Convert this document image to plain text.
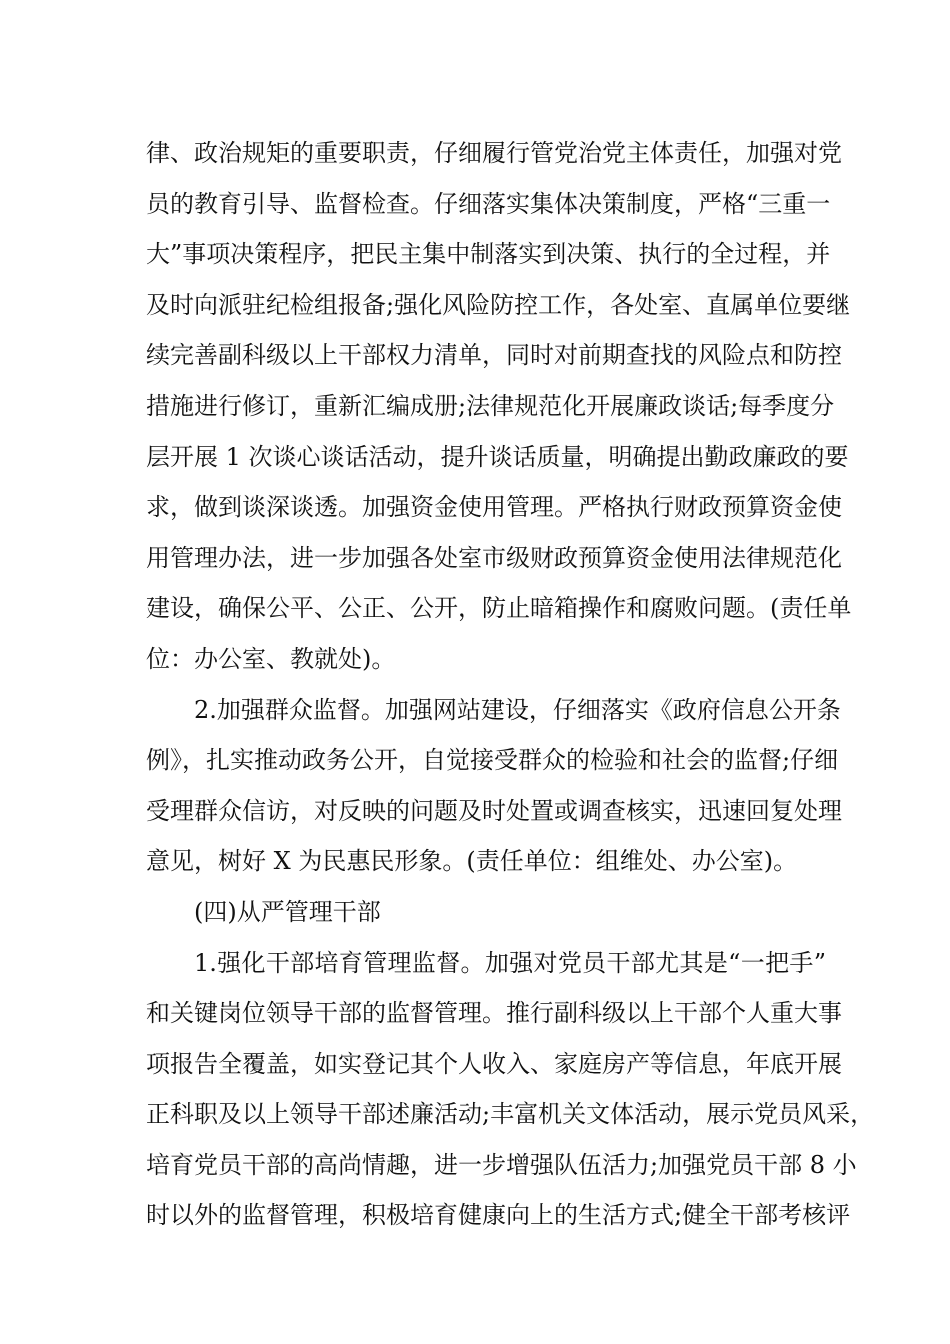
律、政治规矩的重要职责，仔细履行管党治党主体责任，加强对党
员的教育引导、监督检查。仔细落实集体决策制度，严格“三重一
大”事项决策程序，把民主集中制落实到决策、执行的全过程，并
及时向派驻纪检组报备;强化风险防控工作，各处室、直属单位要继
续完善副科级以上干部权力清单，同时对前期查找的风险点和防控
措施进行修订，重新汇编成册;法律规范化开展廉政谈话;每季度分
层开展 1 次谈心谈话活动，提升谈话质量，明确提出勤政廉政的要
求，做到谈深谈透。加强资金使用管理。严格执行财政预算资金使
用管理办法，进一步加强各处室市级财政预算资金使用法律规范化
建设，确保公平、公正、公开，防止暗箱操作和腐败问题。(责任单
位：办公室、教就处)。
2.加强群众监督。加强网站建设，仔细落实《政府信息公开条
例》，扎实推动政务公开，自觉接受群众的检验和社会的监督;仔细
受理群众信访，对反映的问题及时处置或调查核实，迅速回复处理
意见，树好 X 为民惠民形象。(责任单位：组维处、办公室)。
(四)从严管理干部
1.强化干部培育管理监督。加强对党员干部尤其是“一把手”
和关键岗位领导干部的监督管理。推行副科级以上干部个人重大事
项报告全覆盖，如实登记其个人收入、家庭房产等信息，年底开展
正科职及以上领导干部述廉活动;丰富机关文体活动，展示党员风采，
培育党员干部的高尚情趣，进一步增强队伍活力;加强党员干部 8 小
时以外的监督管理，积极培育健康向上的生活方式;健全干部考核评
